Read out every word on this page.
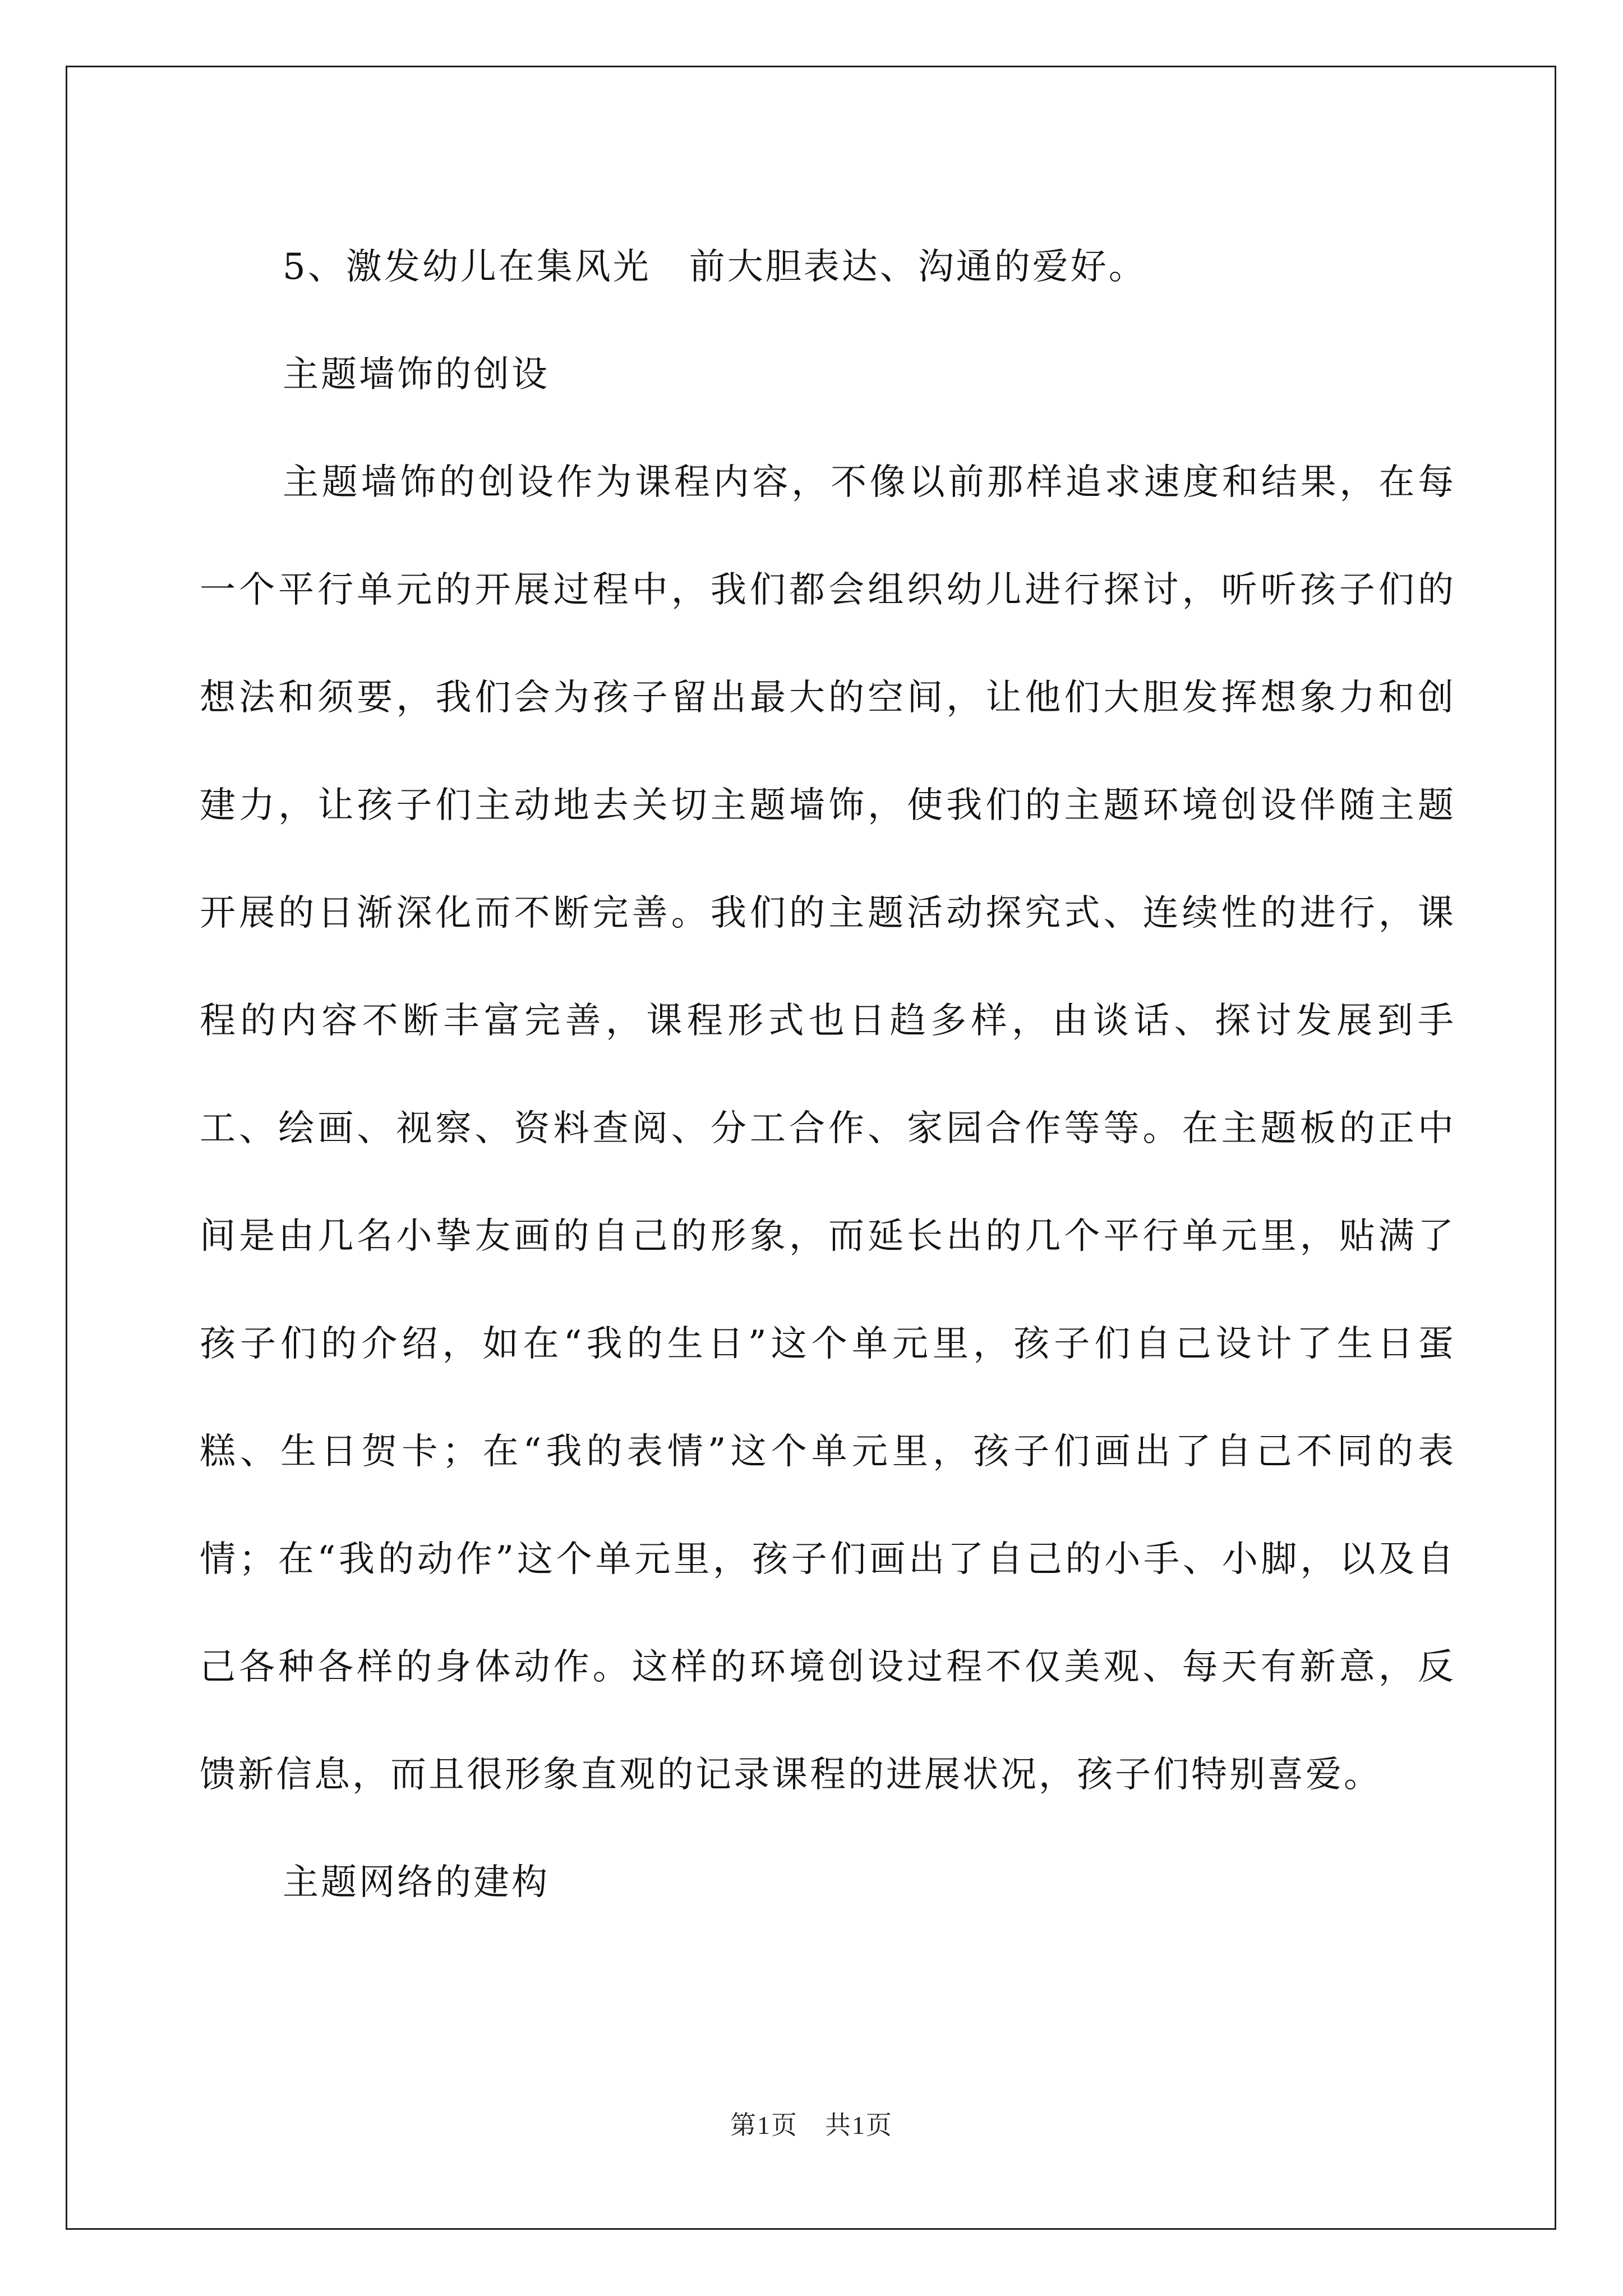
5、激发幼儿在集风光　前大胆表达、沟通的爱好。

主题墙饰的创设

主题墙饰的创设作为课程内容，不像以前那样追求速度和结果，在每一个平行单元的开展过程中，我们都会组织幼儿进行探讨，听听孩子们的想法和须要，我们会为孩子留出最大的空间，让他们大胆发挥想象力和创建力，让孩子们主动地去关切主题墙饰，使我们的主题环境创设伴随主题开展的日渐深化而不断完善。我们的主题活动探究式、连续性的进行，课程的内容不断丰富完善，课程形式也日趋多样，由谈话、探讨发展到手工、绘画、视察、资料查阅、分工合作、家园合作等等。在主题板的正中间是由几名小挚友画的自己的形象，而延长出的几个平行单元里，贴满了孩子们的介绍，如在“我的生日”这个单元里，孩子们自己设计了生日蛋糕、生日贺卡；在“我的表情”这个单元里，孩子们画出了自己不同的表情；在“我的动作”这个单元里，孩子们画出了自己的小手、小脚，以及自己各种各样的身体动作。这样的环境创设过程不仅美观、每天有新意，反馈新信息，而且很形象直观的记录课程的进展状况，孩子们特别喜爱。

主题网络的建构

第1页　共1页
